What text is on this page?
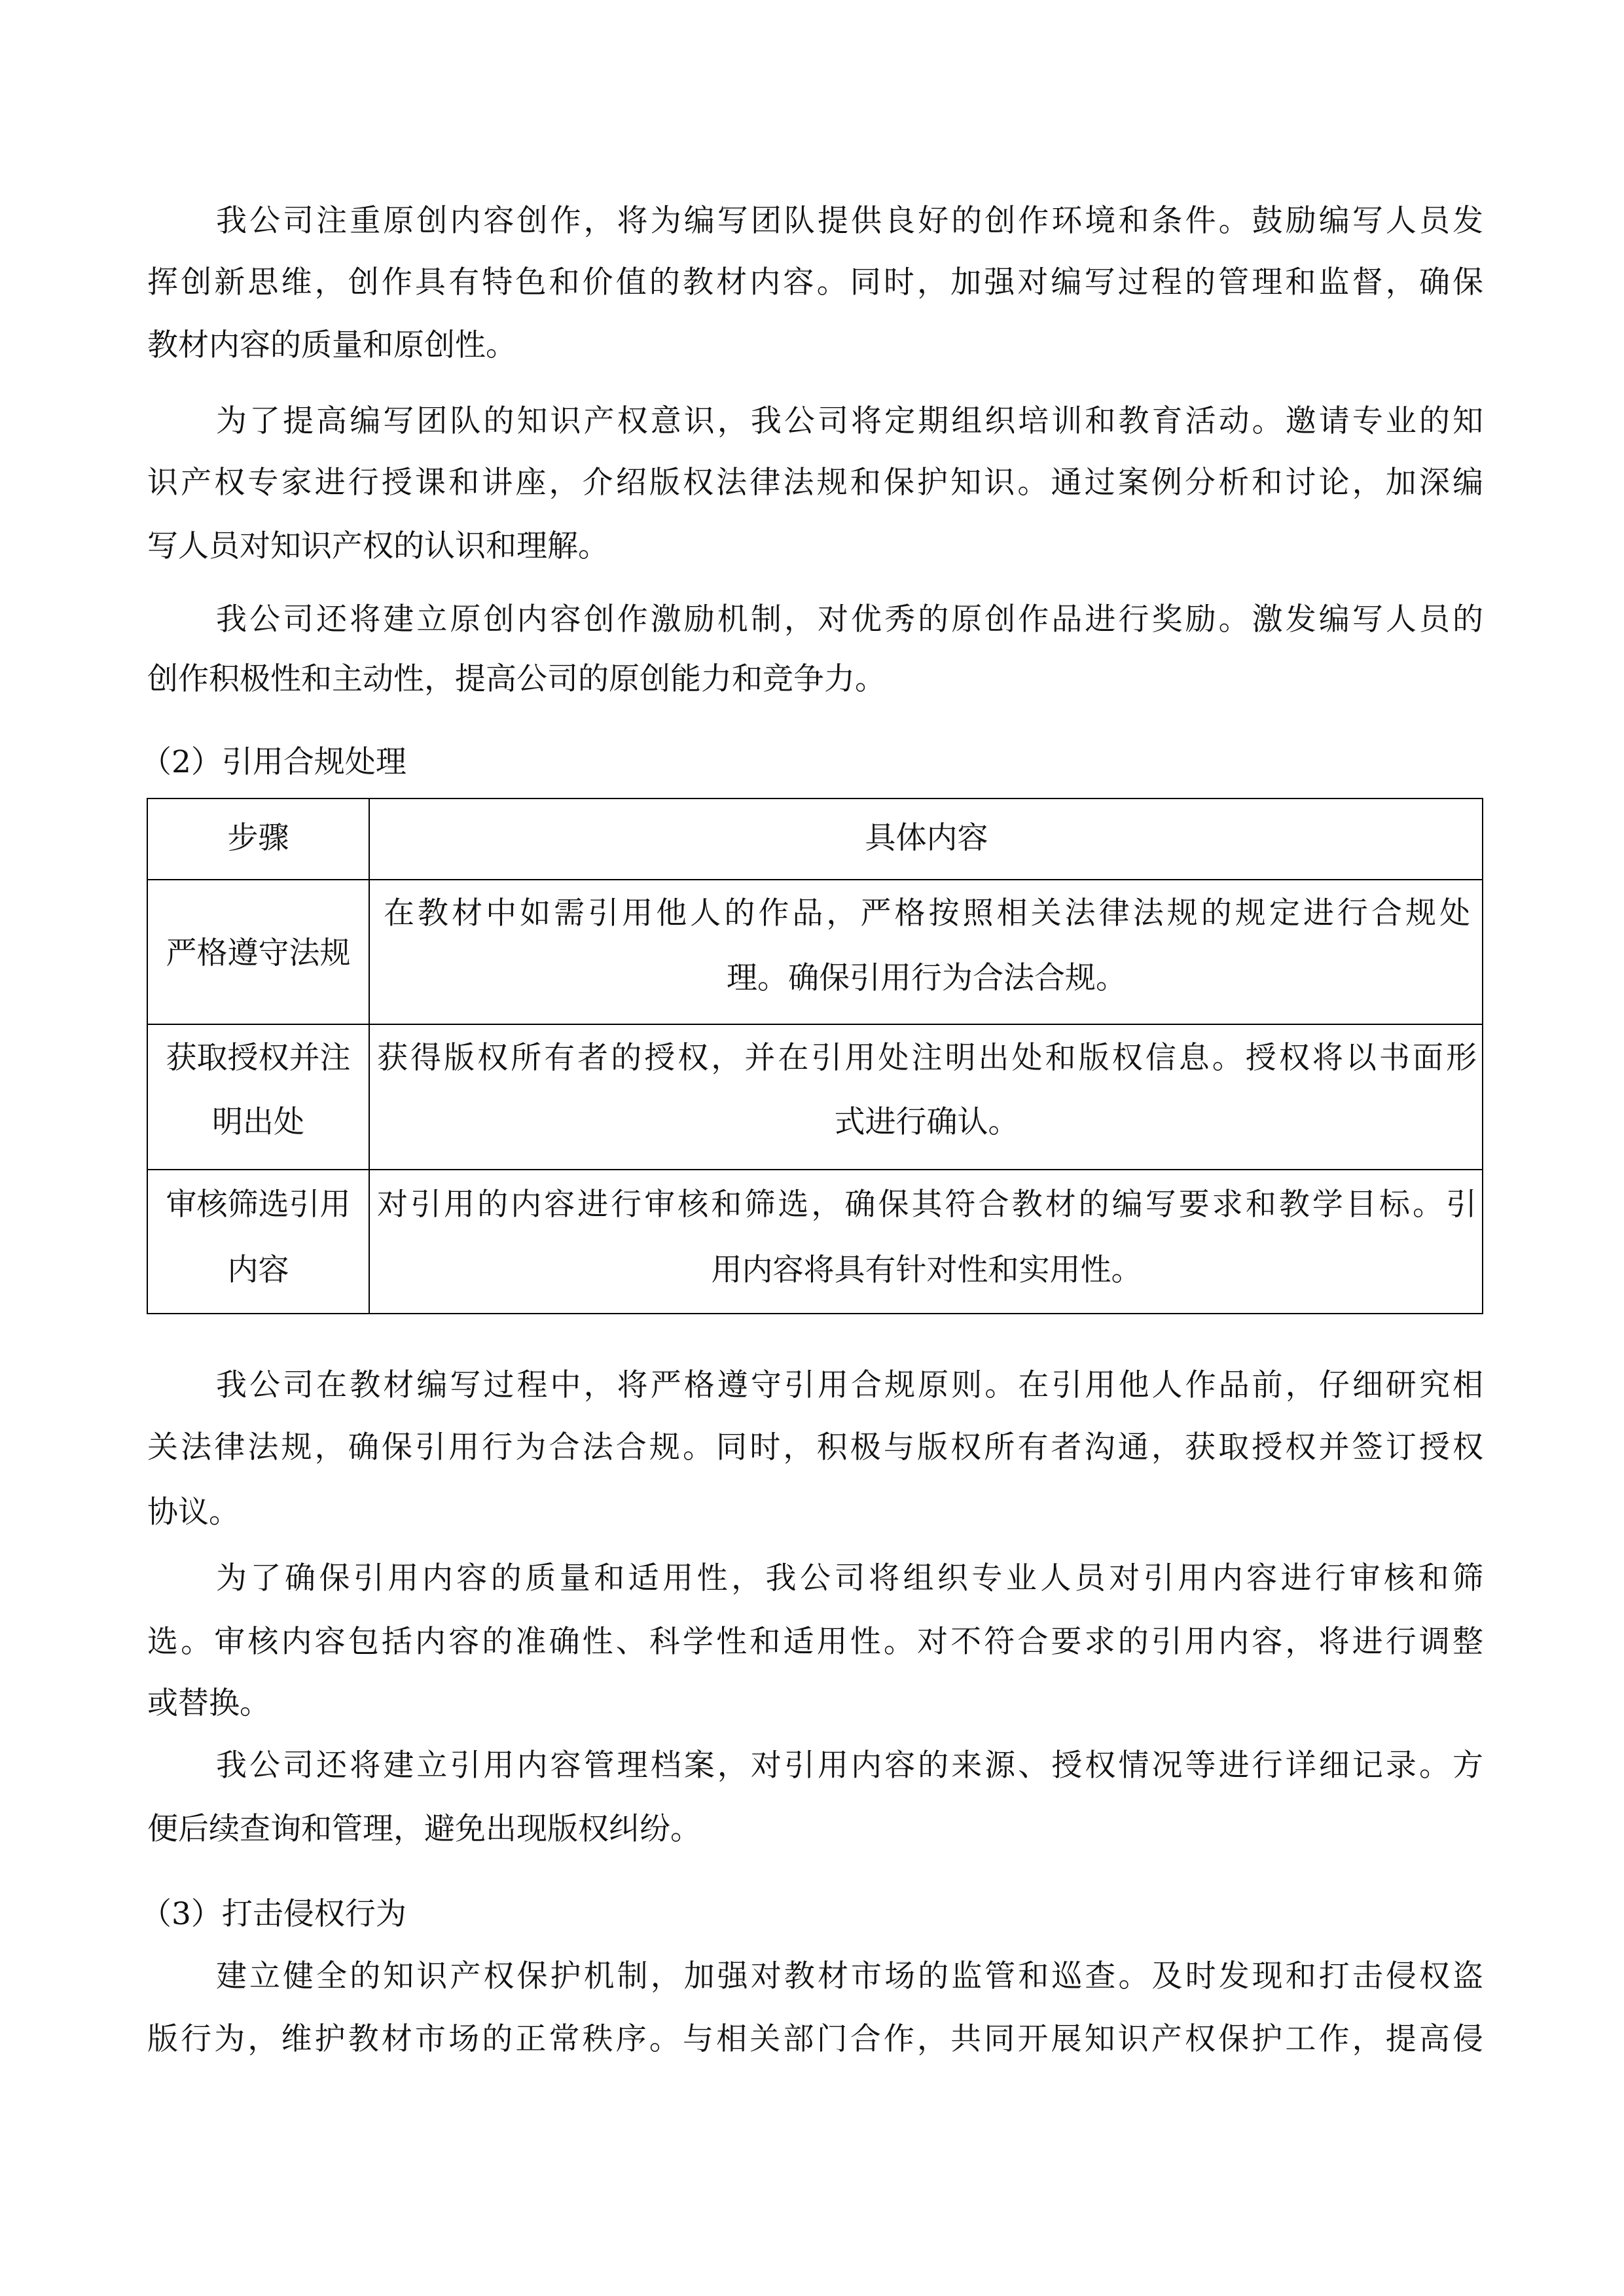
我公司注重原创内容创作，将为编写团队提供良好的创作环境和条件。鼓励编写人员发
挥创新思维，创作具有特色和价值的教材内容。同时，加强对编写过程的管理和监督，确保
教材内容的质量和原创性。
为了提高编写团队的知识产权意识，我公司将定期组织培训和教育活动。邀请专业的知
识产权专家进行授课和讲座，介绍版权法律法规和保护知识。通过案例分析和讨论，加深编
写人员对知识产权的认识和理解。
我公司还将建立原创内容创作激励机制，对优秀的原创作品进行奖励。激发编写人员的
创作积极性和主动性，提高公司的原创能力和竞争力。
（2）引用合规处理
步骤	具体内容
严格遵守法规
在教材中如需引用他人的作品，严格按照相关法律法规的规定进行合规处
理。确保引用行为合法合规。
获取授权并注
明出处
获得版权所有者的授权，并在引用处注明出处和版权信息。授权将以书面形
式进行确认。
审核筛选引用
内容
对引用的内容进行审核和筛选，确保其符合教材的编写要求和教学目标。引
用内容将具有针对性和实用性。
我公司在教材编写过程中，将严格遵守引用合规原则。在引用他人作品前，仔细研究相
关法律法规，确保引用行为合法合规。同时，积极与版权所有者沟通，获取授权并签订授权
协议。
为了确保引用内容的质量和适用性，我公司将组织专业人员对引用内容进行审核和筛
选。审核内容包括内容的准确性、科学性和适用性。对不符合要求的引用内容，将进行调整
或替换。
我公司还将建立引用内容管理档案，对引用内容的来源、授权情况等进行详细记录。方
便后续查询和管理，避免出现版权纠纷。
（3）打击侵权行为
建立健全的知识产权保护机制，加强对教材市场的监管和巡查。及时发现和打击侵权盗
版行为，维护教材市场的正常秩序。与相关部门合作，共同开展知识产权保护工作，提高侵
